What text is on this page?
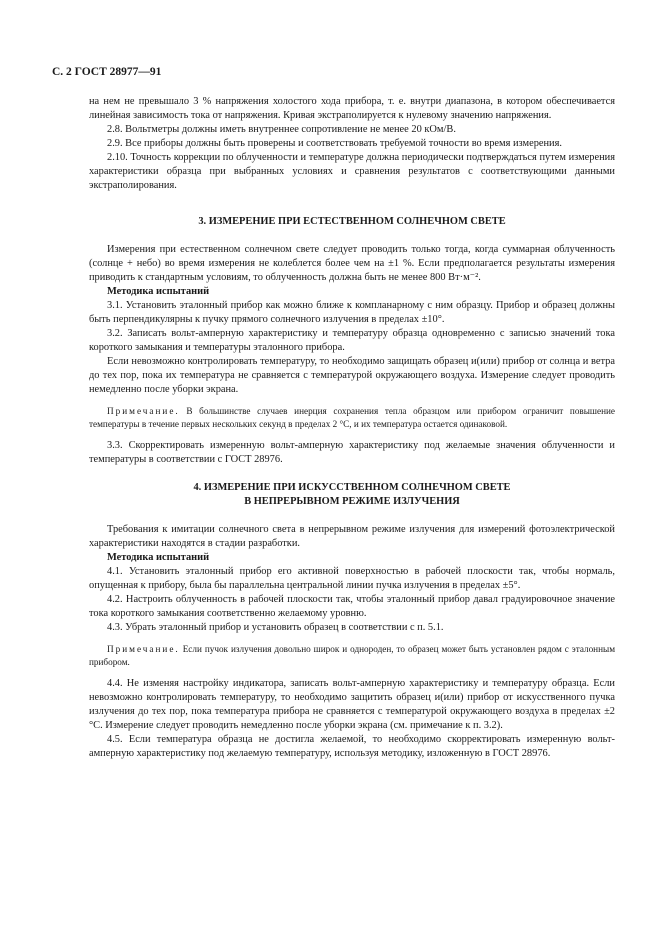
С. 2 ГОСТ 28977—91

на нем не превышало 3 % напряжения холостого хода прибора, т. е. внутри диапазона, в котором обеспечивается линейная зависимость тока от напряжения. Кривая экстраполируется к нулевому значению напряжения.

2.8. Вольтметры должны иметь внутреннее сопротивление не менее 20 кОм/В.

2.9. Все приборы должны быть проверены и соответствовать требуемой точности во время измерения.

2.10. Точность коррекции по облученности и температуре должна периодически подтверждаться путем измерения характеристики образца при выбранных условиях и сравнения результатов с соответствующими данными экстраполирования.

3. ИЗМЕРЕНИЕ ПРИ ЕСТЕСТВЕННОМ СОЛНЕЧНОМ СВЕТЕ

Измерения при естественном солнечном свете следует проводить только тогда, когда суммарная облученность (солнце + небо) во время измерения не колеблется более чем на ±1 %. Если предполагается результаты измерения приводить к стандартным условиям, то облученность должна быть не менее 800 Вт·м⁻².

Методика испытаний

3.1. Установить эталонный прибор как можно ближе к компланарному с ним образцу. Прибор и образец должны быть перпендикулярны к пучку прямого солнечного излучения в пределах ±10°.

3.2. Записать вольт-амперную характеристику и температуру образца одновременно с записью значений тока короткого замыкания и температуры эталонного прибора.

Если невозможно контролировать температуру, то необходимо защищать образец и(или) прибор от солнца и ветра до тех пор, пока их температура не сравняется с температурой окружающего воздуха. Измерение следует проводить немедленно после уборки экрана.

Примечание. В большинстве случаев инерция сохранения тепла образцом или прибором ограничит повышение температуры в течение первых нескольких секунд в пределах 2 °С, и их температура остается одинаковой.

3.3. Скорректировать измеренную вольт-амперную характеристику под желаемые значения облученности и температуры в соответствии с ГОСТ 28976.

4. ИЗМЕРЕНИЕ ПРИ ИСКУССТВЕННОМ СОЛНЕЧНОМ СВЕТЕ
В НЕПРЕРЫВНОМ РЕЖИМЕ ИЗЛУЧЕНИЯ

Требования к имитации солнечного света в непрерывном режиме излучения для измерений фотоэлектрической характеристики находятся в стадии разработки.

Методика испытаний

4.1. Установить эталонный прибор его активной поверхностью в рабочей плоскости так, чтобы нормаль, опущенная к прибору, была бы параллельна центральной линии пучка излучения в пределах ±5°.

4.2. Настроить облученность в рабочей плоскости так, чтобы эталонный прибор давал градуировочное значение тока короткого замыкания соответственно желаемому уровню.

4.3. Убрать эталонный прибор и установить образец в соответствии с п. 5.1.

Примечание. Если пучок излучения довольно широк и однороден, то образец может быть установлен рядом с эталонным прибором.

4.4. Не изменяя настройку индикатора, записать вольт-амперную характеристику и температуру образца. Если невозможно контролировать температуру, то необходимо защитить образец и(или) прибор от искусственного пучка излучения до тех пор, пока температура прибора не сравняется с температурой окружающего воздуха в пределах ±2 °С. Измерение следует проводить немедленно после уборки экрана (см. примечание к п. 3.2).

4.5. Если температура образца не достигла желаемой, то необходимо скорректировать измеренную вольт-амперную характеристику под желаемую температуру, используя методику, изложенную в ГОСТ 28976.
